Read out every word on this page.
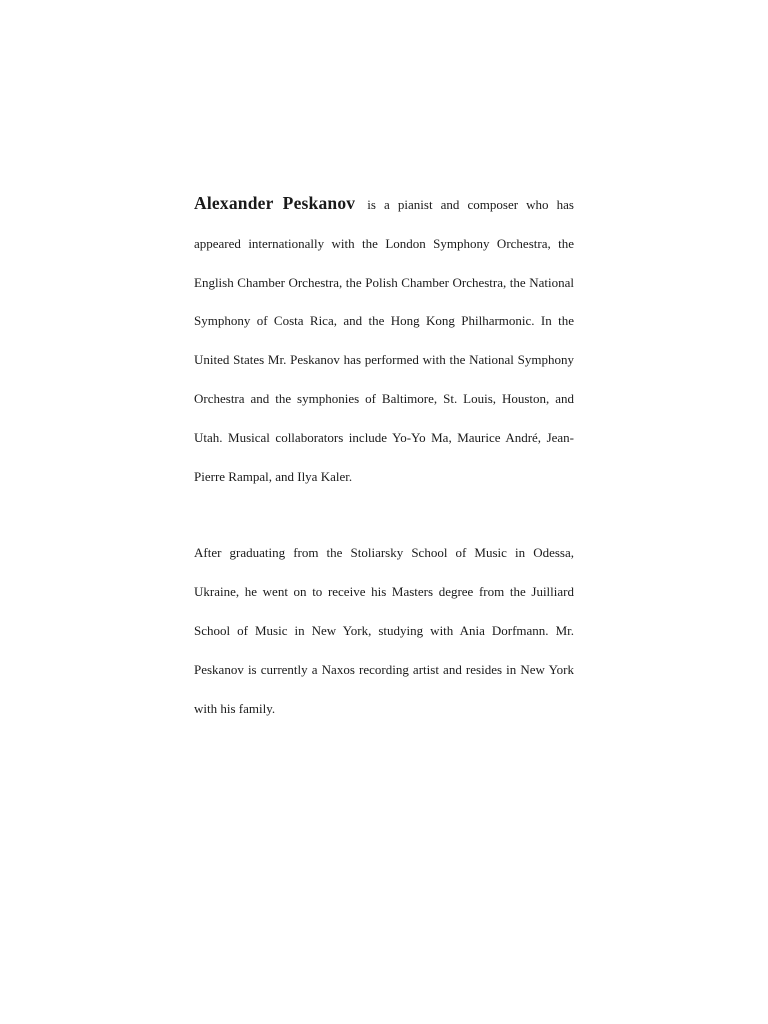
Alexander Peskanov is a pianist and composer who has appeared internationally with the London Symphony Orchestra, the English Chamber Orchestra, the Polish Chamber Orchestra, the National Symphony of Costa Rica, and the Hong Kong Philharmonic. In the United States Mr. Peskanov has performed with the National Symphony Orchestra and the symphonies of Baltimore, St. Louis, Houston, and Utah. Musical collaborators include Yo-Yo Ma, Maurice André, Jean-Pierre Rampal, and Ilya Kaler.

After graduating from the Stoliarsky School of Music in Odessa, Ukraine, he went on to receive his Masters degree from the Juilliard School of Music in New York, studying with Ania Dorfmann. Mr. Peskanov is currently a Naxos recording artist and resides in New York with his family.
